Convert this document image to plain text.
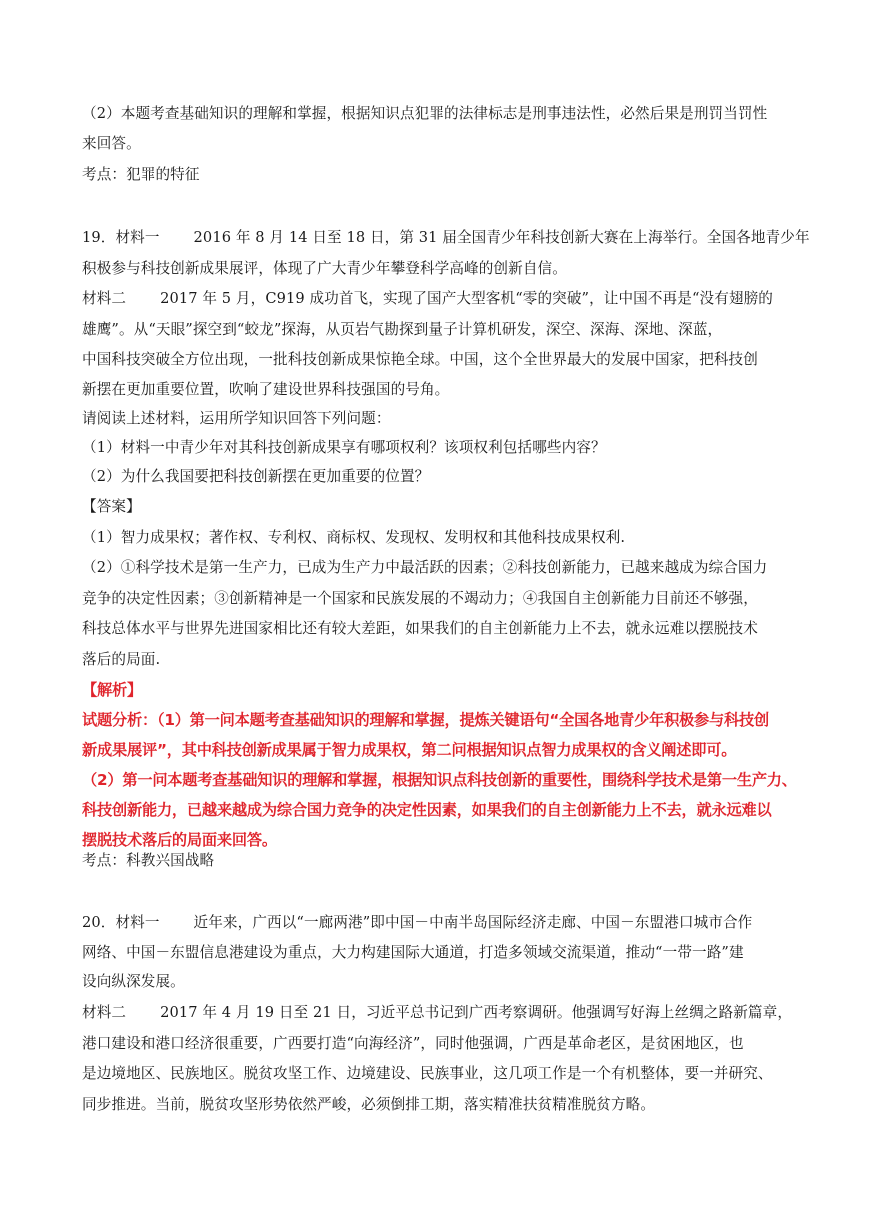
（2）本题考查基础知识的理解和掌握，根据知识点犯罪的法律标志是刑事违法性，必然后果是刑罚当罚性
来回答。
考点：犯罪的特征
19．材料一 2016 年 8 月 14 日至 18 日，第 31 届全国青少年科技创新大赛在上海举行。全国各地青少年
积极参与科技创新成果展评，体现了广大青少年攀登科学高峰的创新自信。
材料二 2017 年 5 月，C919 成功首飞，实现了国产大型客机“零的突破”，让中国不再是“没有翅膀的
雄鹰”。从“天眼”探空到“蛟龙”探海，从页岩气勘探到量子计算机研发，深空、深海、深地、深蓝，
中国科技突破全方位出现，一批科技创新成果惊艳全球。中国，这个全世界最大的发展中国家，把科技创
新摆在更加重要位置，吹响了建设世界科技强国的号角。
请阅读上述材料，运用所学知识回答下列问题：
（1）材料一中青少年对其科技创新成果享有哪项权利？该项权利包括哪些内容？
（2）为什么我国要把科技创新摆在更加重要的位置？
【答案】
（1）智力成果权；著作权、专利权、商标权、发现权、发明权和其他科技成果权利.
（2）①科学技术是第一生产力，已成为生产力中最活跃的因素；②科技创新能力，已越来越成为综合国力
竞争的决定性因素；③创新精神是一个国家和民族发展的不竭动力；④我国自主创新能力目前还不够强，
科技总体水平与世界先进国家相比还有较大差距，如果我们的自主创新能力上不去，就永远难以摆脱技术
落后的局面.
【解析】
试题分析：（1）第一问本题考查基础知识的理解和掌握，提炼关键语句“全国各地青少年积极参与科技创
新成果展评”，其中科技创新成果属于智力成果权，第二问根据知识点智力成果权的含义阐述即可。
（2）第一问本题考查基础知识的理解和掌握，根据知识点科技创新的重要性，围绕科学技术是第一生产力、
科技创新能力，已越来越成为综合国力竞争的决定性因素，如果我们的自主创新能力上不去，就永远难以
摆脱技术落后的局面来回答。
考点：科教兴国战略
20．材料一 近年来，广西以“一廊两港”即中国－中南半岛国际经济走廊、中国－东盟港口城市合作
网络、中国－东盟信息港建设为重点，大力构建国际大通道，打造多领域交流渠道，推动“一带一路”建
设向纵深发展。
材料二 2017 年 4 月 19 日至 21 日，习近平总书记到广西考察调研。他强调写好海上丝绸之路新篇章，
港口建设和港口经济很重要，广西要打造“向海经济”，同时他强调，广西是革命老区，是贫困地区，也
是边境地区、民族地区。脱贫攻坚工作、边境建设、民族事业，这几项工作是一个有机整体，要一并研究、
同步推进。当前，脱贫攻坚形势依然严峻，必须倒排工期，落实精准扶贫精准脱贫方略。
